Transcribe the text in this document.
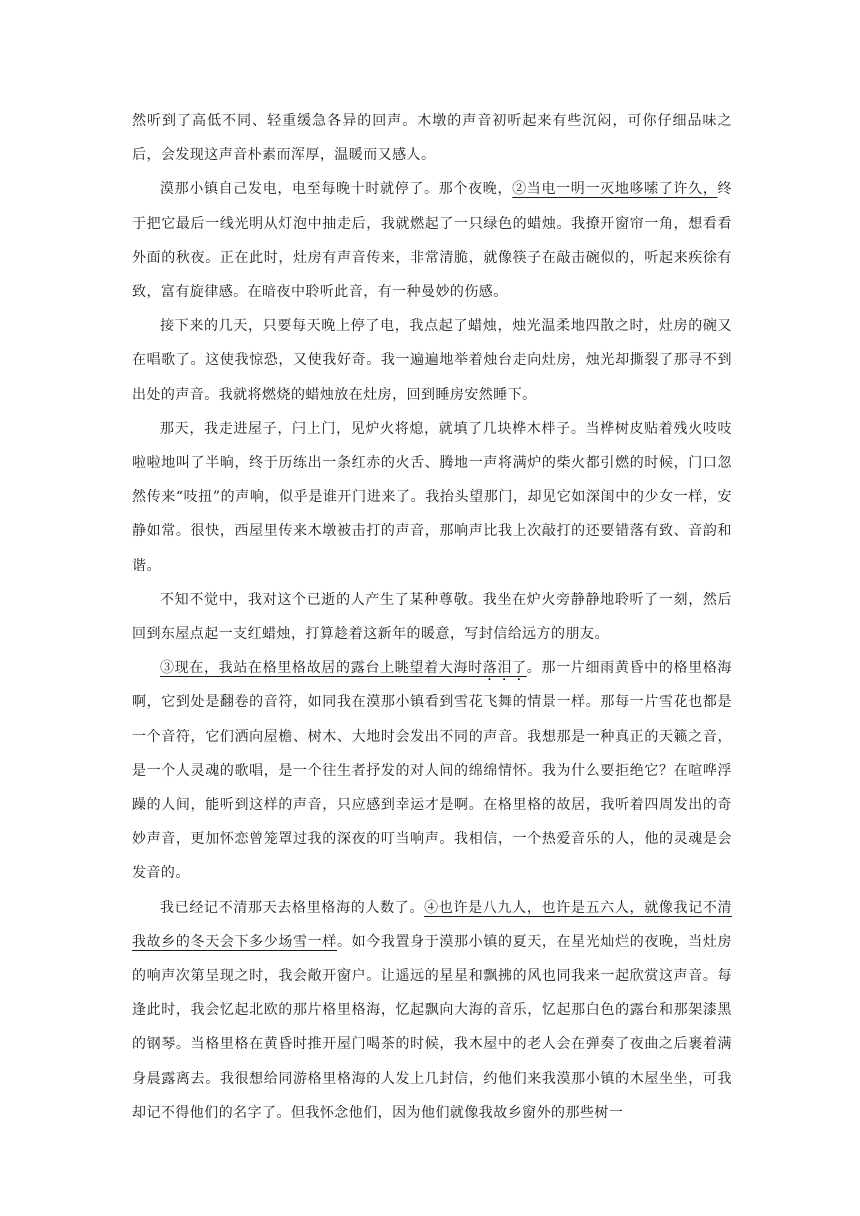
然听到了高低不同、轻重缓急各异的回声。木墩的声音初听起来有些沉闷，可你仔细品味之后，会发现这声音朴素而浑厚，温暖而又感人。

漠那小镇自己发电，电至每晚十时就停了。那个夜晚，②当电一明一灭地哆嗦了许久，终于把它最后一线光明从灯泡中抽走后，我就燃起了一只绿色的蜡烛。我撩开窗帘一角，想看看外面的秋夜。正在此时，灶房有声音传来，非常清脆，就像筷子在敲击碗似的，听起来疾徐有致，富有旋律感。在暗夜中聆听此音，有一种曼妙的伤感。

接下来的几天，只要每天晚上停了电，我点起了蜡烛，烛光温柔地四散之时，灶房的碗又在唱歌了。这使我惊恐，又使我好奇。我一遍遍地举着烛台走向灶房，烛光却撕裂了那寻不到出处的声音。我就将燃烧的蜡烛放在灶房，回到睡房安然睡下。

那天，我走进屋子，闩上门，见炉火将熄，就填了几块桦木柈子。当桦树皮贴着残火吱吱啦啦地叫了半晌，终于历练出一条红赤的火舌、腾地一声将满炉的柴火都引燃的时候，门口忽然传来“吱扭”的声响，似乎是谁开门进来了。我抬头望那门，却见它如深闺中的少女一样，安静如常。很快，西屋里传来木墩被击打的声音，那响声比我上次敲打的还要错落有致、音韵和谐。

不知不觉中，我对这个已逝的人产生了某种尊敬。我坐在炉火旁静静地聆听了一刻，然后回到东屋点起一支红蜡烛，打算趁着这新年的暖意，写封信给远方的朋友。

③现在，我站在格里格故居的露台上眺望着大海时落泪了。那一片细雨黄昏中的格里格海啊，它到处是翻卷的音符，如同我在漠那小镇看到雪花飞舞的情景一样。那每一片雪花也都是一个音符，它们洒向屋檐、树木、大地时会发出不同的声音。我想那是一种真正的天籁之音，是一个人灵魂的歌唱，是一个往生者抒发的对人间的绵绵情怀。我为什么要拒绝它？在喧哗浮躁的人间，能听到这样的声音，只应感到幸运才是啊。在格里格的故居，我听着四周发出的奇妙声音，更加怀恋曾笼罩过我的深夜的叮当响声。我相信，一个热爱音乐的人，他的灵魂是会发音的。

我已经记不清那天去格里格海的人数了。④也许是八九人，也许是五六人，就像我记不清我故乡的冬天会下多少场雪一样。如今我置身于漠那小镇的夏天，在星光灿烂的夜晚，当灶房的响声次第呈现之时，我会敞开窗户。让遥远的星星和飘拂的风也同我来一起欣赏这声音。每逢此时，我会忆起北欧的那片格里格海，忆起飘向大海的音乐，忆起那白色的露台和那架漆黑的钢琴。当格里格在黄昏时推开屋门喝茶的时候，我木屋中的老人会在弹奏了夜曲之后裹着满身晨露离去。我很想给同游格里格海的人发上几封信，约他们来我漠那小镇的木屋坐坐，可我却记不得他们的名字了。但我怀念他们，因为他们就像我故乡窗外的那些树一
